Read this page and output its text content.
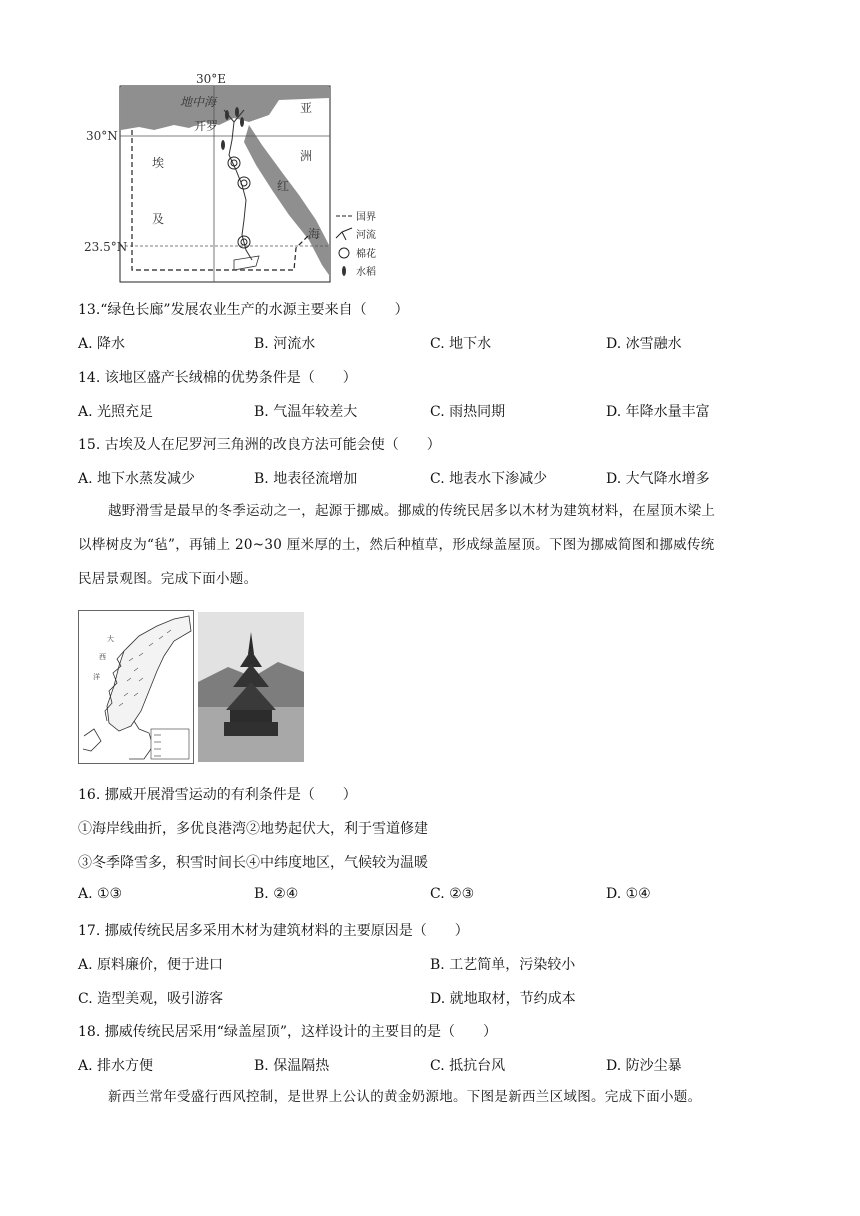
30°E
30°N
23.5°N
地中海
开罗
埃
及
亚
洲
红
海
国界
河流
棉花
水稻
13.“绿色长廊”发展农业生产的水源主要来自（　　）
A. 降水	B. 河流水	C. 地下水	D. 冰雪融水
14. 该地区盛产长绒棉的优势条件是（　　）
A. 光照充足	B. 气温年较差大	C. 雨热同期	D. 年降水量丰富
15. 古埃及人在尼罗河三角洲的改良方法可能会使（　　）
A. 地下水蒸发减少	B. 地表径流增加	C. 地表水下渗减少	D. 大气降水增多
越野滑雪是最早的冬季运动之一，起源于挪威。挪威的传统民居多以木材为建筑材料，在屋顶木梁上
以桦树皮为“毡”，再铺上 20~30 厘米厚的土，然后种植草，形成绿盖屋顶。下图为挪威简图和挪威传统
民居景观图。完成下面小题。
大
西
洋
16. 挪威开展滑雪运动的有利条件是（　　）
①海岸线曲折，多优良港湾②地势起伏大，利于雪道修建
③冬季降雪多，积雪时间长④中纬度地区，气候较为温暖
A. ①③	B. ②④	C. ②③	D. ①④
17. 挪威传统民居多采用木材为建筑材料的主要原因是（　　）
A. 原料廉价，便于进口	B. 工艺简单，污染较小
C. 造型美观，吸引游客	D. 就地取材，节约成本
18. 挪威传统民居采用“绿盖屋顶”，这样设计的主要目的是（　　）
A. 排水方便	B. 保温隔热	C. 抵抗台风	D. 防沙尘暴
新西兰常年受盛行西风控制，是世界上公认的黄金奶源地。下图是新西兰区域图。完成下面小题。
